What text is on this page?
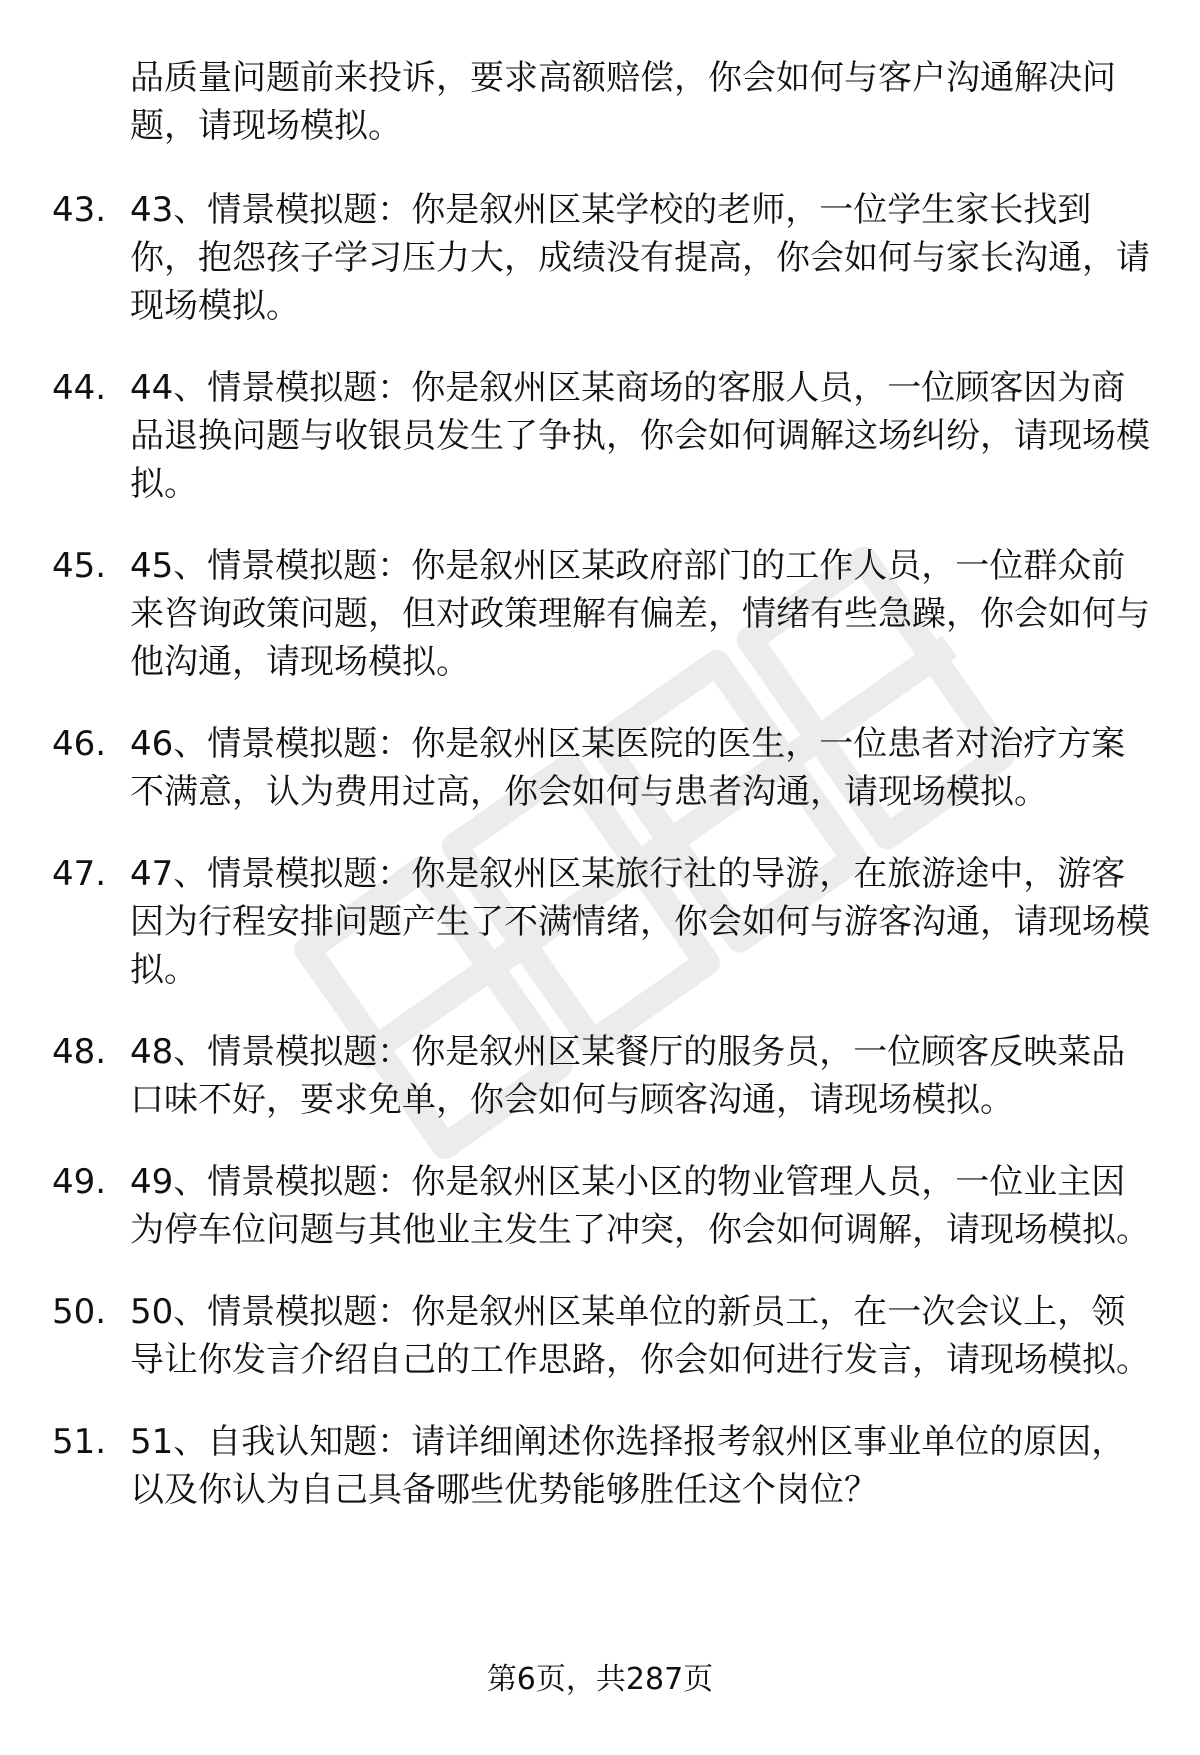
品质量问题前来投诉，要求高额赔偿，你会如何与客户沟通解决问题，请现场模拟。
43. 43、情景模拟题：你是叙州区某学校的老师，一位学生家长找到你，抱怨孩子学习压力大，成绩没有提高，你会如何与家长沟通，请现场模拟。
44. 44、情景模拟题：你是叙州区某商场的客服人员，一位顾客因为商品退换问题与收银员发生了争执，你会如何调解这场纠纷，请现场模拟。
45. 45、情景模拟题：你是叙州区某政府部门的工作人员，一位群众前来咨询政策问题，但对政策理解有偏差，情绪有些急躁，你会如何与他沟通，请现场模拟。
46. 46、情景模拟题：你是叙州区某医院的医生，一位患者对治疗方案不满意，认为费用过高，你会如何与患者沟通，请现场模拟。
47. 47、情景模拟题：你是叙州区某旅行社的导游，在旅游途中，游客因为行程安排问题产生了不满情绪，你会如何与游客沟通，请现场模拟。
48. 48、情景模拟题：你是叙州区某餐厅的服务员，一位顾客反映菜品口味不好，要求免单，你会如何与顾客沟通，请现场模拟。
49. 49、情景模拟题：你是叙州区某小区的物业管理人员，一位业主因为停车位问题与其他业主发生了冲突，你会如何调解，请现场模拟。
50. 50、情景模拟题：你是叙州区某单位的新员工，在一次会议上，领导让你发言介绍自己的工作思路，你会如何进行发言，请现场模拟。
51. 51、自我认知题：请详细阐述你选择报考叙州区事业单位的原因，以及你认为自己具备哪些优势能够胜任这个岗位？
第6页，共287页
